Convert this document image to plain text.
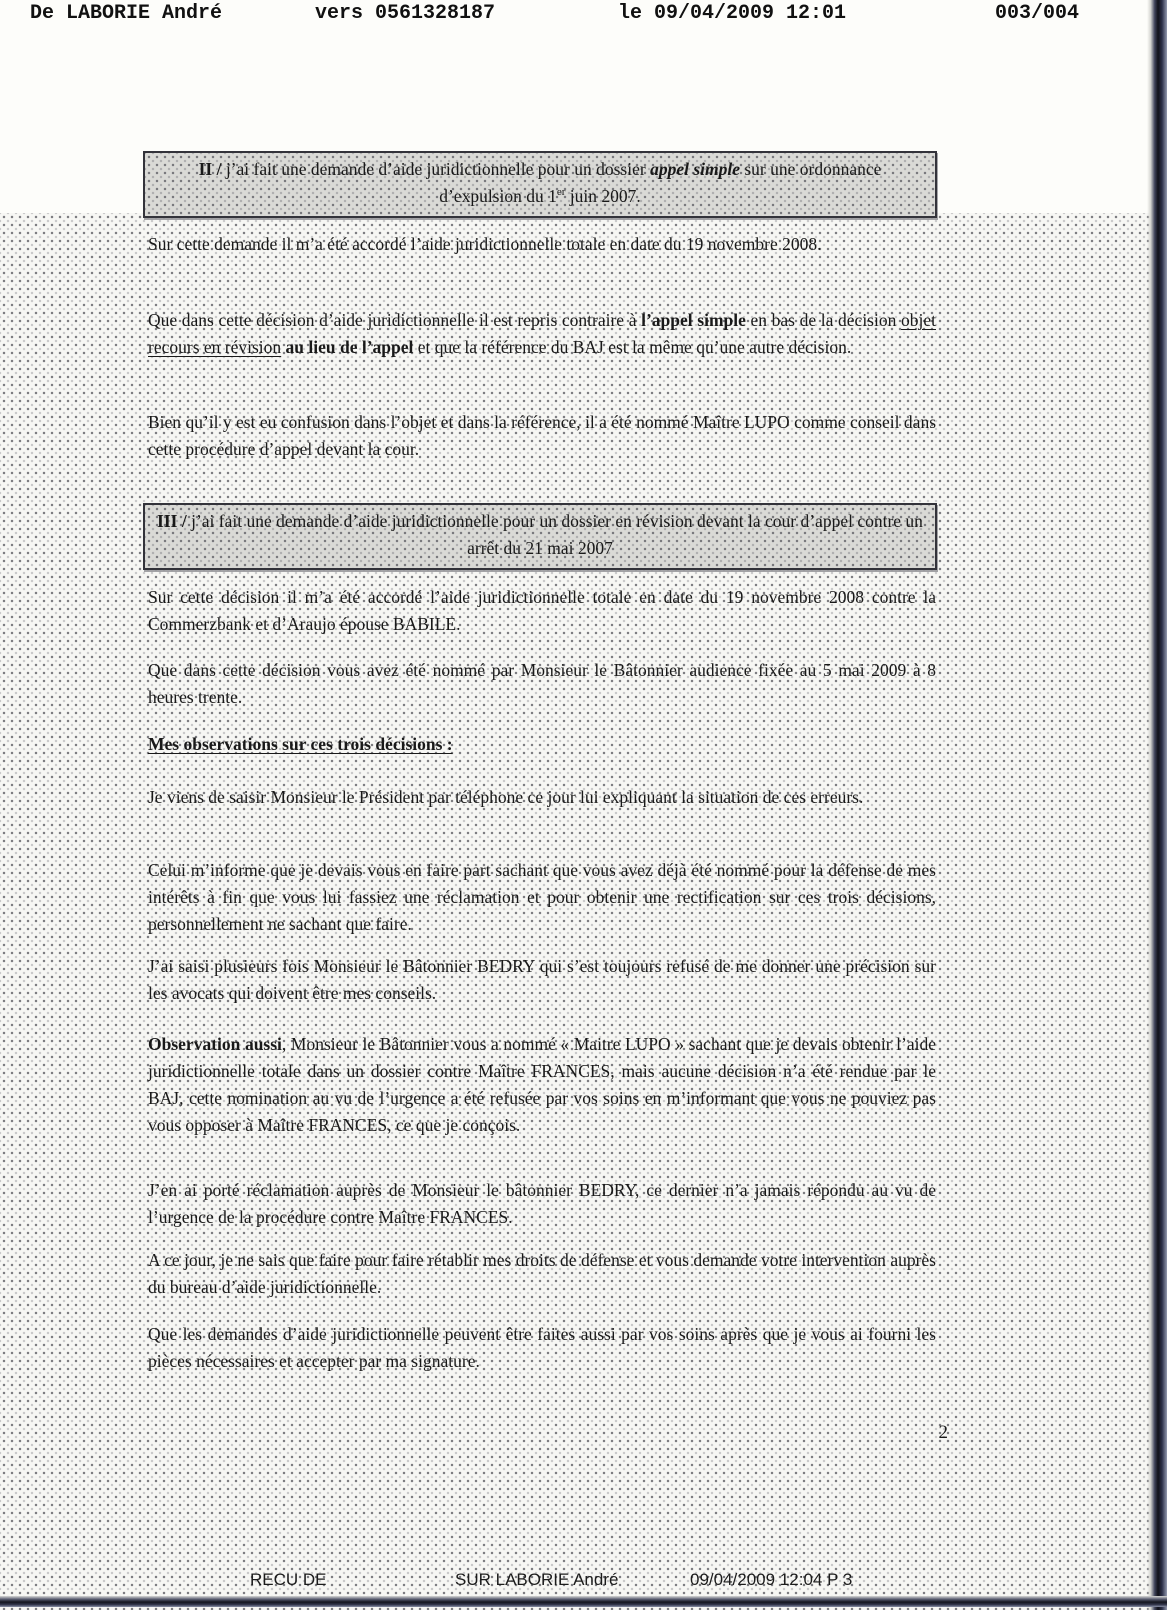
De LABORIE André	vers 0561328187	le 09/04/2009 12:01	003/004
II / j’ai fait une demande d’aide juridictionnelle pour un dossier appel simple sur une ordonnance d’expulsion du 1er juin 2007.
Sur cette demande il m’a été accordé l’aide juridictionnelle totale en date du 19 novembre 2008.
Que dans cette décision d’aide juridictionnelle il est repris contraire à l’appel simple en bas de la décision objet recours en révision au lieu de l’appel et que la référence du BAJ est la même qu’une autre décision.
Bien qu’il y est eu confusion dans l’objet et dans la référence, il a été nommé Maître LUPO comme conseil dans cette procédure d’appel devant la cour.
III / j’ai fait une demande d’aide juridictionnelle pour un dossier en révision devant la cour d’appel contre un arrêt du 21 mai 2007
Sur cette décision il m’a été accordé l’aide juridictionnelle totale en date du 19 novembre 2008 contre la Commerzbank et d’Araujo épouse BABILE.
Que dans cette décision vous avez été nommé par Monsieur le Bâtonnier audience fixée au 5 mai 2009 à 8 heures trente.
Mes observations sur ces trois décisions :
Je viens de saisir Monsieur le Président par téléphone ce jour lui expliquant la situation de ces erreurs.
Celui m’informe que je devais vous en faire part sachant que vous avez déjà été nommé pour la défense de mes intérêts à fin que vous lui fassiez une réclamation et pour obtenir une rectification sur ces trois décisions, personnellement ne sachant que faire.
J’ai saisi plusieurs fois Monsieur le Bâtonnier BEDRY qui s’est toujours refusé de me donner une précision sur les avocats qui doivent être mes conseils.
Observation aussi, Monsieur le Bâtonnier vous a nommé « Maitre LUPO » sachant que je devais obtenir l’aide juridictionnelle totale dans un dossier contre Maître FRANCES, mais aucune décision n’a été rendue par le BAJ, cette nomination au vu de l’urgence a été refusée par vos soins en m’informant que vous ne pouviez pas vous opposer à Maître FRANCES, ce que je conçois.
J’en ai porté réclamation auprès de Monsieur le bâtonnier BEDRY, ce dernier n’a jamais répondu au vu de l’urgence de la procédure contre Maître FRANCES.
A ce jour, je ne sais que faire pour faire rétablir mes droits de défense et vous demande votre intervention auprès du bureau d’aide juridictionnelle.
Que les demandes d’aide juridictionnelle peuvent être faites aussi par vos soins après que je vous ai fourni les pièces nécessaires et accepter par ma signature.
2
RECU DE	SUR LABORIE André	09/04/2009 12:04 P 3
